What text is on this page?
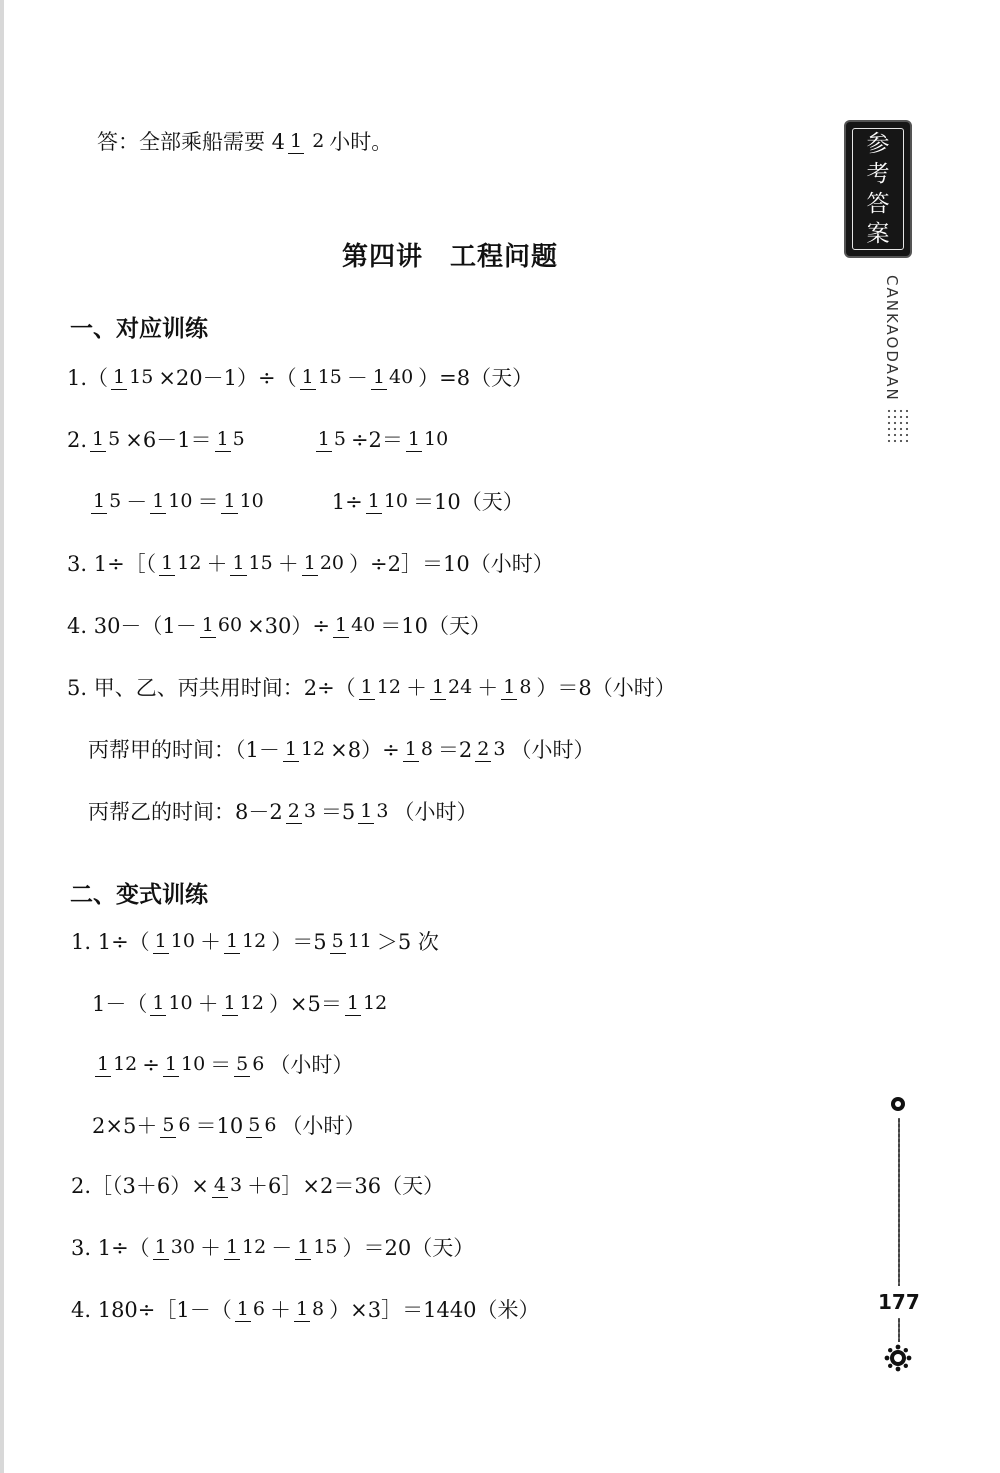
答：全部乘船需要 4 1 2 小时。
第四讲　工程问题
一、对应训练
1.（ 1 15 ×20－1）÷（ 1 15 － 1 40 ）=8（天）
2. 1 5 ×6－1＝ 1 5
　　　	1 5 ÷2＝ 1 10

1 5 － 1 10 ＝ 1 10 　　　1÷ 1 10 ＝10（天）
3. 1÷［（ 1 12 ＋ 1 15 ＋ 1 20 ）÷2］＝10（小时）
4. 30－（1－ 1 60 ×30）÷ 1 40 ＝10（天）
5. 甲、乙、丙共用时间：2÷（ 1 12 ＋ 1 24 ＋ 1 8 ）＝8（小时）
　丙帮甲的时间：（1－ 1 12 ×8）÷ 1 8 ＝2 2 3 （小时）
　丙帮乙的时间：8－2 2 3 ＝5 1 3 （小时）
二、变式训练
1. 1÷（ 1 10 ＋ 1 12 ）＝5 5 11 ＞5 次
　1－（ 1 10 ＋ 1 12 ）×5＝ 1 12

1 12 ÷ 1 10 ＝ 5 6 （小时）
　2×5＋ 5 6 ＝10 5 6 （小时）
2.［（3＋6）× 4 3 ＋6］×2＝36（天）
3. 1÷（ 1 30 ＋ 1 12 － 1 15 ）＝20（天）
4. 180÷［1－（ 1 6 ＋ 1 8 ）×3］＝1440（米）
参
考
答
案
CANKAODAAN
177
